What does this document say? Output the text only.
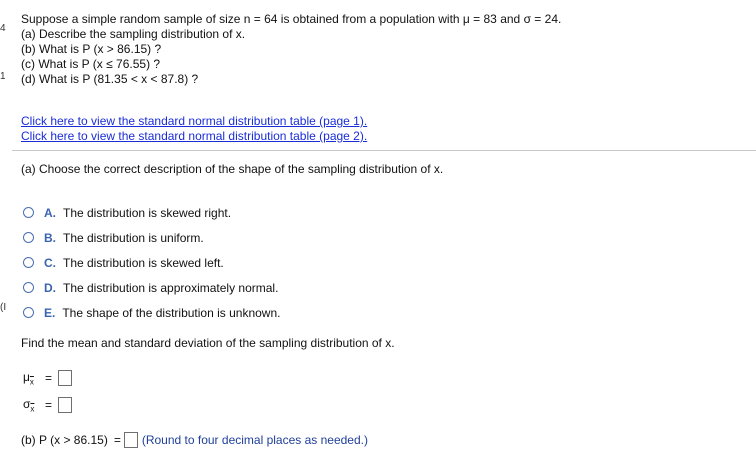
4
1
(I
Suppose a simple random sample of size n = 64 is obtained from a population with μ = 83 and σ = 24.
(a) Describe the sampling distribution of x.
(b) What is P (x > 86.15) ?
(c) What is P (x ≤ 76.55) ?
(d) What is P (81.35 < x < 87.8) ?
Click here to view the standard normal distribution table (page 1).
Click here to view the standard normal distribution table (page 2).
(a) Choose the correct description of the shape of the sampling distribution of x.
A. The distribution is skewed right.
B. The distribution is uniform.
C. The distribution is skewed left.
D. The distribution is approximately normal.
E. The shape of the distribution is unknown.
Find the mean and standard deviation of the sampling distribution of x.
$\mu_{\overline{x}}$ =
$\sigma_{\overline{x}}$ =
(b) P (x > 86.15) = (Round to four decimal places as needed.)
